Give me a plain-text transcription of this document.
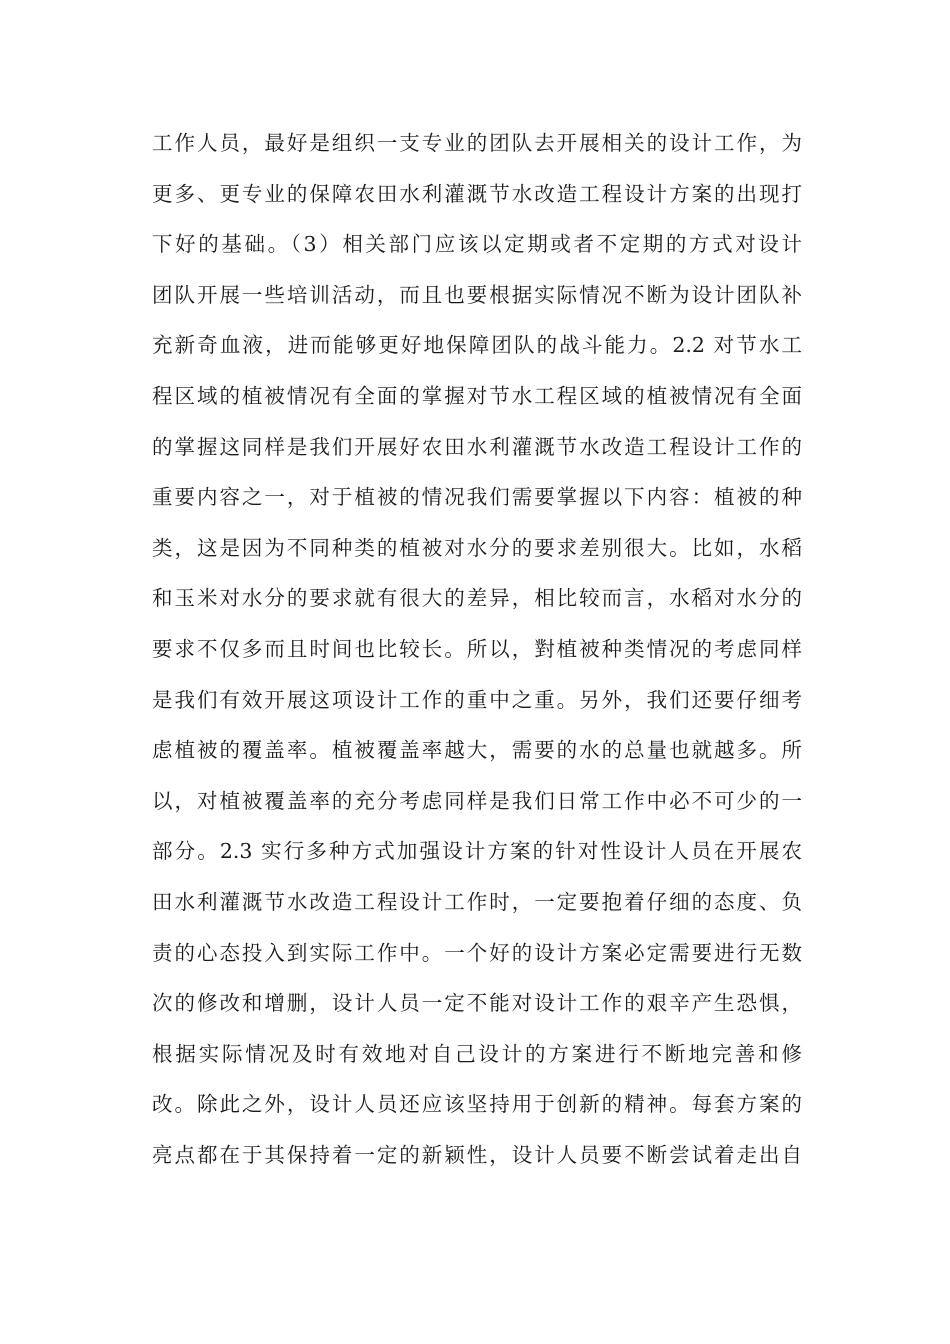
工作人员，最好是组织一支专业的团队去开展相关的设计工作，为
更多、更专业的保障农田水利灌溉节水改造工程设计方案的出现打
下好的基础。（3）相关部门应该以定期或者不定期的方式对设计
团队开展一些培训活动，而且也要根据实际情况不断为设计团队补
充新奇血液，进而能够更好地保障团队的战斗能力。2.2 对节水工
程区域的植被情况有全面的掌握对节水工程区域的植被情况有全面
的掌握这同样是我们开展好农田水利灌溉节水改造工程设计工作的
重要内容之一，对于植被的情况我们需要掌握以下内容：植被的种
类，这是因为不同种类的植被对水分的要求差别很大。比如，水稻
和玉米对水分的要求就有很大的差异，相比较而言，水稻对水分的
要求不仅多而且时间也比较长。所以，對植被种类情况的考虑同样
是我们有效开展这项设计工作的重中之重。另外，我们还要仔细考
虑植被的覆盖率。植被覆盖率越大，需要的水的总量也就越多。所
以，对植被覆盖率的充分考虑同样是我们日常工作中必不可少的一
部分。2.3 实行多种方式加强设计方案的针对性设计人员在开展农
田水利灌溉节水改造工程设计工作时，一定要抱着仔细的态度、负
责的心态投入到实际工作中。一个好的设计方案必定需要进行无数
次的修改和增删，设计人员一定不能对设计工作的艰辛产生恐惧，
根据实际情况及时有效地对自己设计的方案进行不断地完善和修
改。除此之外，设计人员还应该坚持用于创新的精神。每套方案的
亮点都在于其保持着一定的新颖性，设计人员要不断尝试着走出自
